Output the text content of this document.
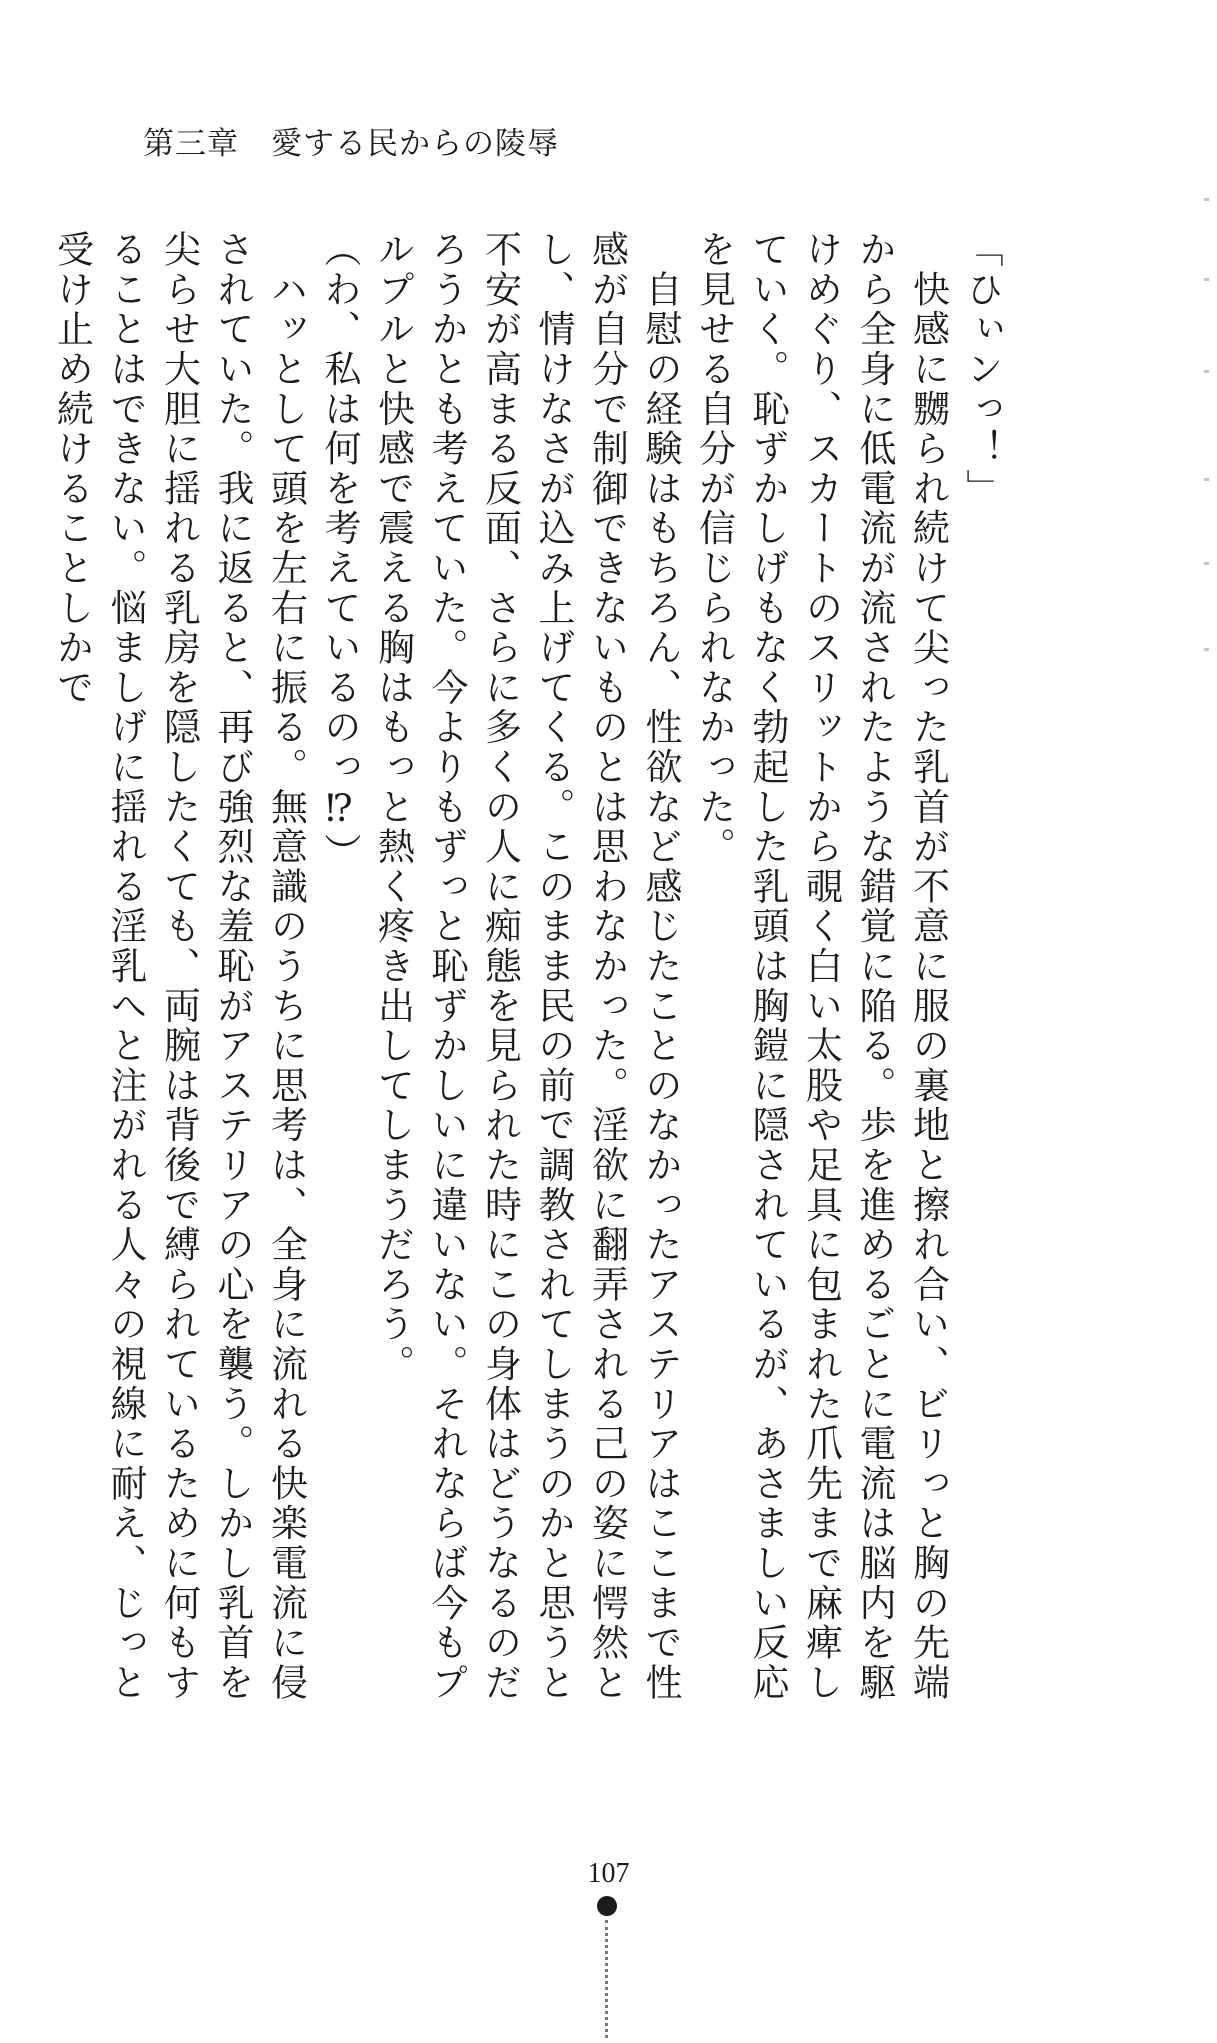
第三章　愛する民からの陵辱

「ひぃンっ！」

　快感に嬲られ続けて尖った乳首が不意に服の裏地と擦れ合い、ビリっと胸の先端から全身に低電流が流されたような錯覚に陥る。歩を進めるごとに電流は脳内を駆けめぐり、スカートのスリットから覗く白い太股や足具に包まれた爪先まで麻痺していく。恥ずかしげもなく勃起した乳頭は胸鎧に隠されているが、あさましい反応を見せる自分が信じられなかった。

　自慰の経験はもちろん、性欲など感じたことのなかったアステリアはここまで性感が自分で制御できないものとは思わなかった。淫欲に翻弄される己の姿に愕然とし、情けなさが込み上げてくる。このまま民の前で調教されてしまうのかと思うと不安が高まる反面、さらに多くの人に痴態を見られた時にこの身体はどうなるのだろうかとも考えていた。今よりもずっと恥ずかしいに違いない。それならば今もプルプルと快感で震える胸はもっと熱く疼き出してしまうだろう。

（わ、私は何を考えているのっ⁉）

　ハッとして頭を左右に振る。無意識のうちに思考は、全身に流れる快楽電流に侵されていた。我に返ると、再び強烈な羞恥がアステリアの心を襲う。しかし乳首を尖らせ大胆に揺れる乳房を隠したくても、両腕は背後で縛られているために何もすることはできない。悩ましげに揺れる淫乳へと注がれる人々の視線に耐え、じっと受け止め続けることしかで

107
